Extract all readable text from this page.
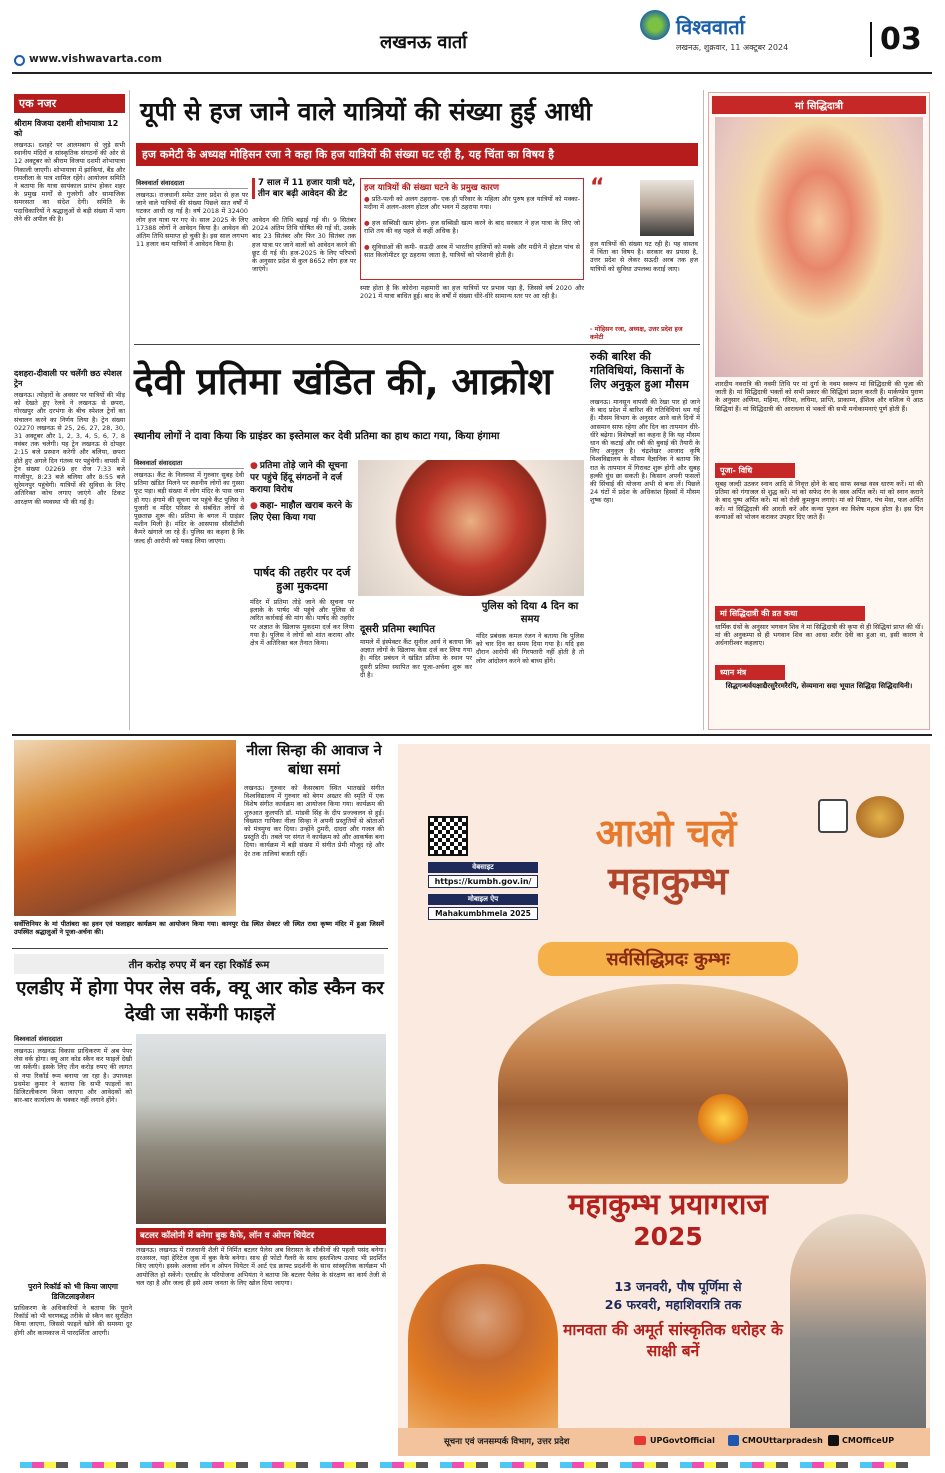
लखनऊ वार्ता
विश्ववार्ता
लखनऊ, शुक्रवार, 11 अक्टूबर 2024	03
www.vishwavarta.com
एक नजर
श्रीराम विजया दशमी शोभायात्रा 12 को
लखनऊ। दशहरे पर आलमबाग से जुड़े सभी स्थानीय मंदिरों व सांस्कृतिक संगठनों की ओर से 12 अक्टूबर को श्रीराम विजया दशमी शोभायात्रा निकाली जाएगी। शोभायात्रा में झांकियां, बैंड और रामलीला के पात्र शामिल रहेंगे। आयोजन समिति ने बताया कि यात्रा सायंकाल प्रारंभ होकर शहर के प्रमुख मार्गों से गुजरेगी और सामाजिक समरसता का संदेश देगी। समिति के पदाधिकारियों ने श्रद्धालुओं से बड़ी संख्या में भाग लेने की अपील की है।
दशहरा-दीवाली पर चलेंगी छठ स्पेशल ट्रेन
लखनऊ। त्योहारों के अवसर पर यात्रियों की भीड़ को देखते हुए रेलवे ने लखनऊ से छपरा, गोरखपुर और दरभंगा के बीच स्पेशल ट्रेनों का संचालन करने का निर्णय लिया है। ट्रेन संख्या 02270 लखनऊ से 25, 26, 27, 28, 30, 31 अक्टूबर और 1, 2, 3, 4, 5, 6, 7, 8 नवंबर तक चलेगी। यह ट्रेन लखनऊ से दोपहर 2:15 बजे प्रस्थान करेगी और बलिया, छपरा होते हुए अगले दिन गंतव्य पर पहुंचेगी। वापसी में ट्रेन संख्या 02269 हर रोज 7:33 बजे गाजीपुर, 8:23 बजे बलिया और 8:55 बजे सुरेमनपुर पहुंचेगी। यात्रियों की सुविधा के लिए अतिरिक्त कोच लगाए जाएंगे और टिकट आरक्षण की व्यवस्था भी की गई है।
यूपी से हज जाने वाले यात्रियों की संख्या हुई आधी
हज कमेटी के अध्यक्ष मोहिसन रजा ने कहा कि हज यात्रियों की संख्या घट रही है, यह चिंता का विषय है
विश्ववार्ता संवाददाता
लखनऊ। राजधानी समेत उत्तर प्रदेश से हज पर जाने वाले यात्रियों की संख्या पिछले सात वर्षों में घटकर आधी रह गई है। वर्ष 2018 में 32400 लोग हज यात्रा पर गए थे। साल 2025 के लिए 17388 लोगों ने आवेदन किया है। आवेदन की अंतिम तिथि समाप्त हो चुकी है। इस साल लगभग 11 हजार कम यात्रियों ने आवेदन किया है।
7 साल में 11 हजार यात्री घटे, तीन बार बढ़ी आवेदन की डेट
आवेदन की तिथि बढ़ाई गई थी। 9 सितंबर 2024 अंतिम तिथि घोषित की गई थी, उसके बाद 23 सितंबर और फिर 30 सितंबर तक हज यात्रा पर जाने वालों को आवेदन करने की छूट दी गई थी। हज-2025 के लिए परिपत्रों के अनुसार प्रदेश से कुल 8652 लोग हज पर जाएंगे।
हज यात्रियों की संख्या घटने के प्रमुख कारण
● प्रति-पत्नी को अलग ठहराना- एक ही परिवार के महिला और पुरुष हज यात्रियों को मक्का-मदीना में अलग-अलग होटल और भवन में ठहराया गया।
● हज सब्सिडी खत्म होना- हज सब्सिडी खत्म करने के बाद सरकार ने हज यात्रा के लिए जो राशि तय की वह पहले से कहीं अधिक है।
● सुविधाओं की कमी- सऊदी अरब में भारतीय हाजियों को मक्के और मदीने में होटल पांच से सात किलोमीटर दूर ठहराया जाता है, यात्रियों को परेशानी होती है।
स्पष्ट होता है कि कोरोना महामारी का हज यात्रियों पर प्रभाव पड़ा है, जिससे वर्ष 2020 और 2021 में यात्रा बाधित हुई। बाद के वर्षों में संख्या धीरे-धीरे सामान्य स्तर पर आ रही है।
“
हज यात्रियों की संख्या घट रही है। यह वास्तव में चिंता का विषय है। सरकार का प्रयास है, उत्तर प्रदेश से लेकर सऊदी अरब तक हज यात्रियों को सुविधा उपलब्ध कराई जाए।
- मोहिसन रजा, अध्यक्ष, उत्तर प्रदेश हज कमेटी
देवी प्रतिमा खंडित की, आक्रोश
स्थानीय लोगों ने दावा किया कि ग्राइंडर का इस्तेमाल कर देवी प्रतिमा का हाथ काटा गया, किया हंगामा
विश्ववार्ता संवाददाता
लखनऊ। कैंट के निलमथा में गुरुवार सुबह देवी प्रतिमा खंडित मिलने पर स्थानीय लोगों का गुस्सा फूट पड़ा। बड़ी संख्या में लोग मंदिर के पास जमा हो गए। हंगामे की सूचना पर पहुंचे कैंट पुलिस ने पुजारी व मंदिर परिसर से संबंधित लोगों से पूछताछ शुरू की। प्रतिमा के बगल में ग्राइंडर मशीन मिली है। मंदिर के आसपास सीसीटीवी कैमरे खंगाले जा रहे हैं। पुलिस का कहना है कि जल्द ही आरोपी को पकड़ लिया जाएगा।
● प्रतिमा तोड़े जाने की सूचना पर पहुंचे हिंदू संगठनों ने दर्ज कराया विरोध
● कहा- माहौल खराब करने के लिए ऐसा किया गया
पार्षद की तहरीर पर दर्ज हुआ मुकदमा
मंदिर में प्रतिमा तोड़े जाने की सूचना पर इलाके के पार्षद भी पहुंचे और पुलिस से त्वरित कार्रवाई की मांग की। पार्षद की तहरीर पर अज्ञात के खिलाफ मुकदमा दर्ज कर लिया गया है। पुलिस ने लोगों को शांत कराया और क्षेत्र में अतिरिक्त बल तैनात किया।
दूसरी प्रतिमा स्थापित
मामले में इंस्पेक्टर कैंट सुनील आर्य ने बताया कि अज्ञात लोगों के खिलाफ केस दर्ज कर लिया गया है। मंदिर प्रबंधन ने खंडित प्रतिमा के स्थान पर दूसरी प्रतिमा स्थापित कर पूजा-अर्चना शुरू कर दी है।
पुलिस को दिया 4 दिन का समय
मंदिर प्रबंधक कमल रंजन ने बताया कि पुलिस को चार दिन का समय दिया गया है। यदि इस दौरान आरोपी की गिरफ्तारी नहीं होती है तो लोग आंदोलन करने को बाध्य होंगे।
रुकी बारिश की गतिविधियां, किसानों के लिए अनुकूल हुआ मौसम
लखनऊ। मानसून वापसी की रेखा पार हो जाने के बाद प्रदेश में बारिश की गतिविधियां थम गई हैं। मौसम विभाग के अनुसार आने वाले दिनों में आसमान साफ रहेगा और दिन का तापमान धीरे-धीरे बढ़ेगा। विशेषज्ञों का कहना है कि यह मौसम धान की कटाई और रबी की बुवाई की तैयारी के लिए अनुकूल है। चंद्रशेखर आजाद कृषि विश्वविद्यालय के मौसम वैज्ञानिक ने बताया कि रात के तापमान में गिरावट शुरू होगी और सुबह हल्की धुंध छा सकती है। किसान अपनी फसलों की सिंचाई की योजना अभी से बना लें। पिछले 24 घंटों में प्रदेश के अधिकांश हिस्सों में मौसम शुष्क रहा।
मां सिद्धिदात्री
शारदीय नवरात्रि की नवमी तिथि पर मां दुर्गा के नवम स्वरूप मां सिद्धिदात्री की पूजा की जाती है। मां सिद्धिदात्री भक्तों को सभी प्रकार की सिद्धियां प्रदान करती हैं। मार्कण्डेय पुराण के अनुसार अणिमा, महिमा, गरिमा, लघिमा, प्राप्ति, प्राकाम्य, ईशित्व और वशित्व ये आठ सिद्धियां हैं। मां सिद्धिदात्री की आराधना से भक्तों की सभी मनोकामनाएं पूर्ण होती हैं।
पूजा- विधि
सुबह जल्दी उठकर स्नान आदि से निवृत्त होने के बाद साफ स्वच्छ वस्त्र धारण करें। मां की प्रतिमा को गंगाजल से शुद्ध करें। मां को सफेद रंग के वस्त्र अर्पित करें। मां को स्नान कराने के बाद पुष्प अर्पित करें। मां को रोली कुमकुम लगाएं। मां को मिष्ठान, पंच मेवा, फल अर्पित करें। मां सिद्धिदात्री की आरती करें और कन्या पूजन का विशेष महत्व होता है। इस दिन कन्याओं को भोजन कराकर उपहार दिए जाते हैं।
मां सिद्धिदात्री की व्रत कथा
धार्मिक ग्रंथों के अनुसार भगवान शिव ने मां सिद्धिदात्री की कृपा से ही सिद्धियां प्राप्त की थीं। मां की अनुकम्पा से ही भगवान शिव का आधा शरीर देवी का हुआ था, इसी कारण वे अर्धनारीश्वर कहलाए।
ध्यान मंत्र
सिद्धगन्धर्वयक्षाद्यैरसुरैरमरैरपि, सेव्यमाना सदा भूयात सिद्धिदा सिद्धिदायिनी।
सर्वोत्तिनियर के मां पीतांबरा का हवन एवं फलाहार कार्यक्रम का आयोजन किया गया। कानपुर रोड स्थित सेक्टर जी स्थित राधा कृष्ण मंदिर में हुआ जिसमें उपस्थित श्रद्धालुओं ने पूजा-अर्चना की।
नीला सिन्हा की आवाज ने बांधा समां
लखनऊ। गुरुवार को कैसरबाग स्थित भातखंडे संगीत विश्वविद्यालय में गुरुवार को बेगम अख्तर की स्मृति में एक विशेष संगीत कार्यक्रम का आयोजन किया गया। कार्यक्रम की शुरुआत कुलपति डॉ. मांडवी सिंह के दीप प्रज्ज्वलन से हुई। विख्यात गायिका नीला सिन्हा ने अपनी प्रस्तुतियों से श्रोताओं को मंत्रमुग्ध कर दिया। उन्होंने ठुमरी, दादरा और गजल की प्रस्तुति दी। तबले पर संगत ने कार्यक्रम को और आकर्षक बना दिया। कार्यक्रम में बड़ी संख्या में संगीत प्रेमी मौजूद रहे और देर तक तालियां बजती रहीं।
तीन करोड़ रुपए में बन रहा रिकॉर्ड रूम
एलडीए में होगा पेपर लेस वर्क, क्यू आर कोड स्कैन कर देखी जा सकेंगी फाइलें
विश्ववार्ता संवाददाता
लखनऊ। लखनऊ विकास प्राधिकरण में अब पेपर लेस वर्क होगा। क्यू आर कोड स्कैन कर फाइलें देखी जा सकेंगी। इसके लिए तीन करोड़ रुपए की लागत से नया रिकॉर्ड रूम बनाया जा रहा है। उपाध्यक्ष प्रथमेश कुमार ने बताया कि सभी फाइलों का डिजिटलीकरण किया जाएगा और आवेदकों को बार-बार कार्यालय के चक्कर नहीं लगाने होंगे।
पुराने रिकॉर्ड को भी किया जाएगा डिजिटलाइजेशन
प्राधिकरण के अधिकारियों ने बताया कि पुराने रिकॉर्ड को भी चरणबद्ध तरीके से स्कैन कर सुरक्षित किया जाएगा, जिससे फाइलें खोने की समस्या दूर होगी और कामकाज में पारदर्शिता आएगी।
बटलर कॉलोनी में बनेगा बुक कैफे, लॉन व ओपन थियेटर
लखनऊ। लखनऊ में राजधानी शैली में निर्मित बटलर पैलेस अब विरासत के शौकीनों की पहली पसंद बनेगा। दरअसल, यहां हेरिटेज लुक में बुक कैफे बनेगा। साथ ही फोटो गैलरी के साथ हस्तशिल्प उत्पाद भी प्रदर्शित किए जाएंगे। इसके अलावा लॉन व ओपन थियेटर में आर्ट एंड क्राफ्ट प्रदर्शनी के साथ सांस्कृतिक कार्यक्रम भी आयोजित हो सकेंगे। एलडीए के परियोजना अभियंता ने बताया कि बटलर पैलेस के संरक्षण का कार्य तेजी से चल रहा है और जल्द ही इसे आम जनता के लिए खोल दिया जाएगा।
वेबसाइट
https://kumbh.gov.in/
मोबाइल ऐप
Mahakumbhmela 2025
आओ चलें
महाकुम्भ
सर्वसिद्धिप्रदः कुम्भः
महाकुम्भ प्रयागराज
2025
13 जनवरी, पौष पूर्णिमा से
26 फरवरी, महाशिवरात्रि तक
मानवता की अमूर्त सांस्कृतिक धरोहर के साक्षी बनें
सूचना एवं जनसम्पर्क विभाग, उत्तर प्रदेश	UPGovtOfficial	CMOUttarpradesh CMOfficeUP
